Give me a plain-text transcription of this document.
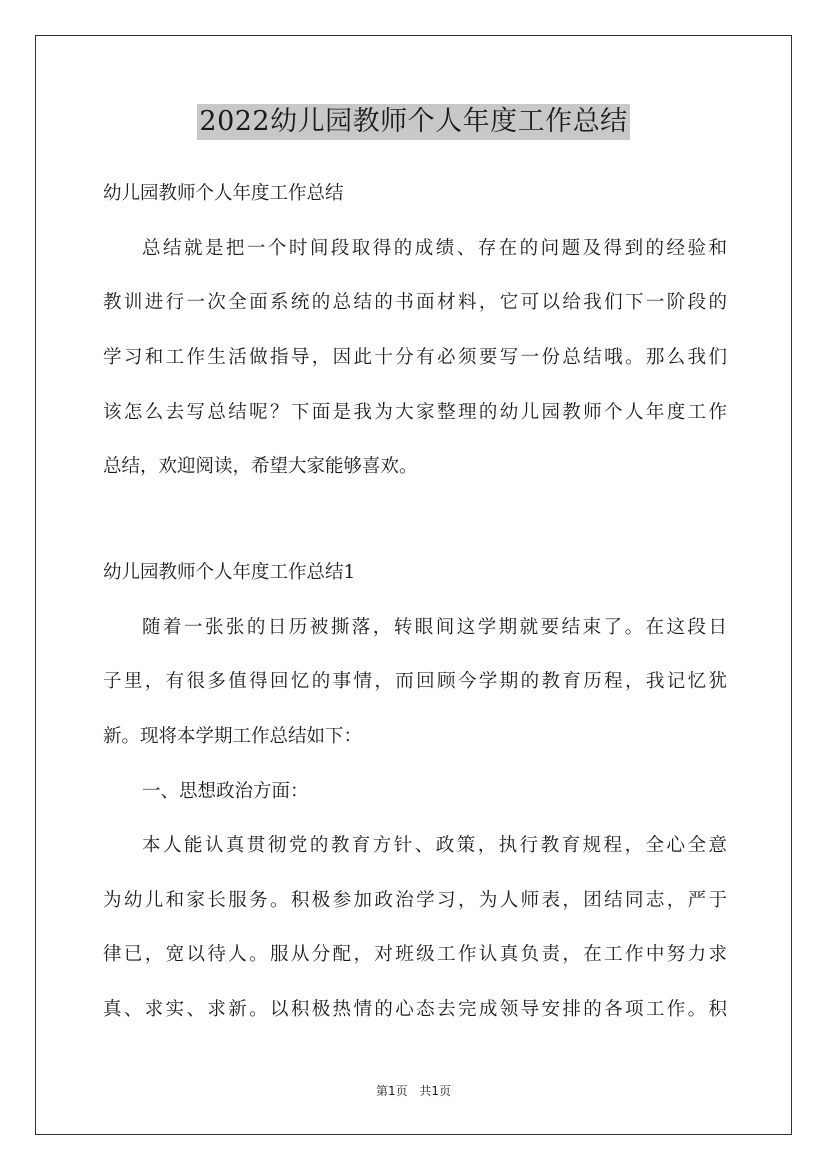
2022幼儿园教师个人年度工作总结

幼儿园教师个人年度工作总结

总结就是把一个时间段取得的成绩、存在的问题及得到的经验和
教训进行一次全面系统的总结的书面材料，它可以给我们下一阶段的
学习和工作生活做指导，因此十分有必须要写一份总结哦。那么我们
该怎么去写总结呢？下面是我为大家整理的幼儿园教师个人年度工作
总结，欢迎阅读，希望大家能够喜欢。

幼儿园教师个人年度工作总结1

随着一张张的日历被撕落，转眼间这学期就要结束了。在这段日
子里，有很多值得回忆的事情，而回顾今学期的教育历程，我记忆犹
新。现将本学期工作总结如下：

一、思想政治方面：

本人能认真贯彻党的教育方针、政策，执行教育规程，全心全意
为幼儿和家长服务。积极参加政治学习，为人师表，团结同志，严于
律已，宽以待人。服从分配，对班级工作认真负责，在工作中努力求
真、求实、求新。以积极热情的心态去完成领导安排的各项工作。积
第1页 共1页
